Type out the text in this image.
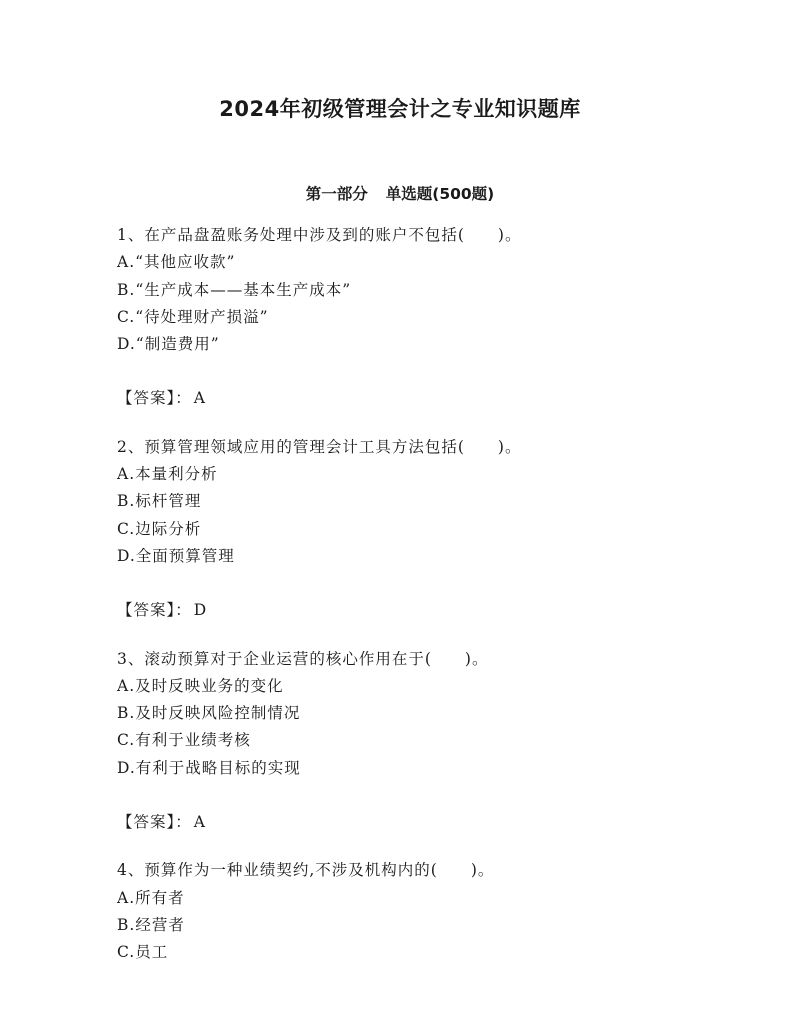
2024年初级管理会计之专业知识题库
第一部分 单选题(500题)
1、在产品盘盈账务处理中涉及到的账户不包括(　　)。
A.“其他应收款”
B.“生产成本——基本生产成本”
C.“待处理财产损溢”
D.“制造费用”
【答案】： A
2、预算管理领域应用的管理会计工具方法包括(　　)。
A.本量利分析
B.标杆管理
C.边际分析
D.全面预算管理
【答案】： D
3、滚动预算对于企业运营的核心作用在于(　　)。
A.及时反映业务的变化
B.及时反映风险控制情况
C.有利于业绩考核
D.有利于战略目标的实现
【答案】： A
4、预算作为一种业绩契约,不涉及机构内的(　　)。
A.所有者
B.经营者
C.员工
